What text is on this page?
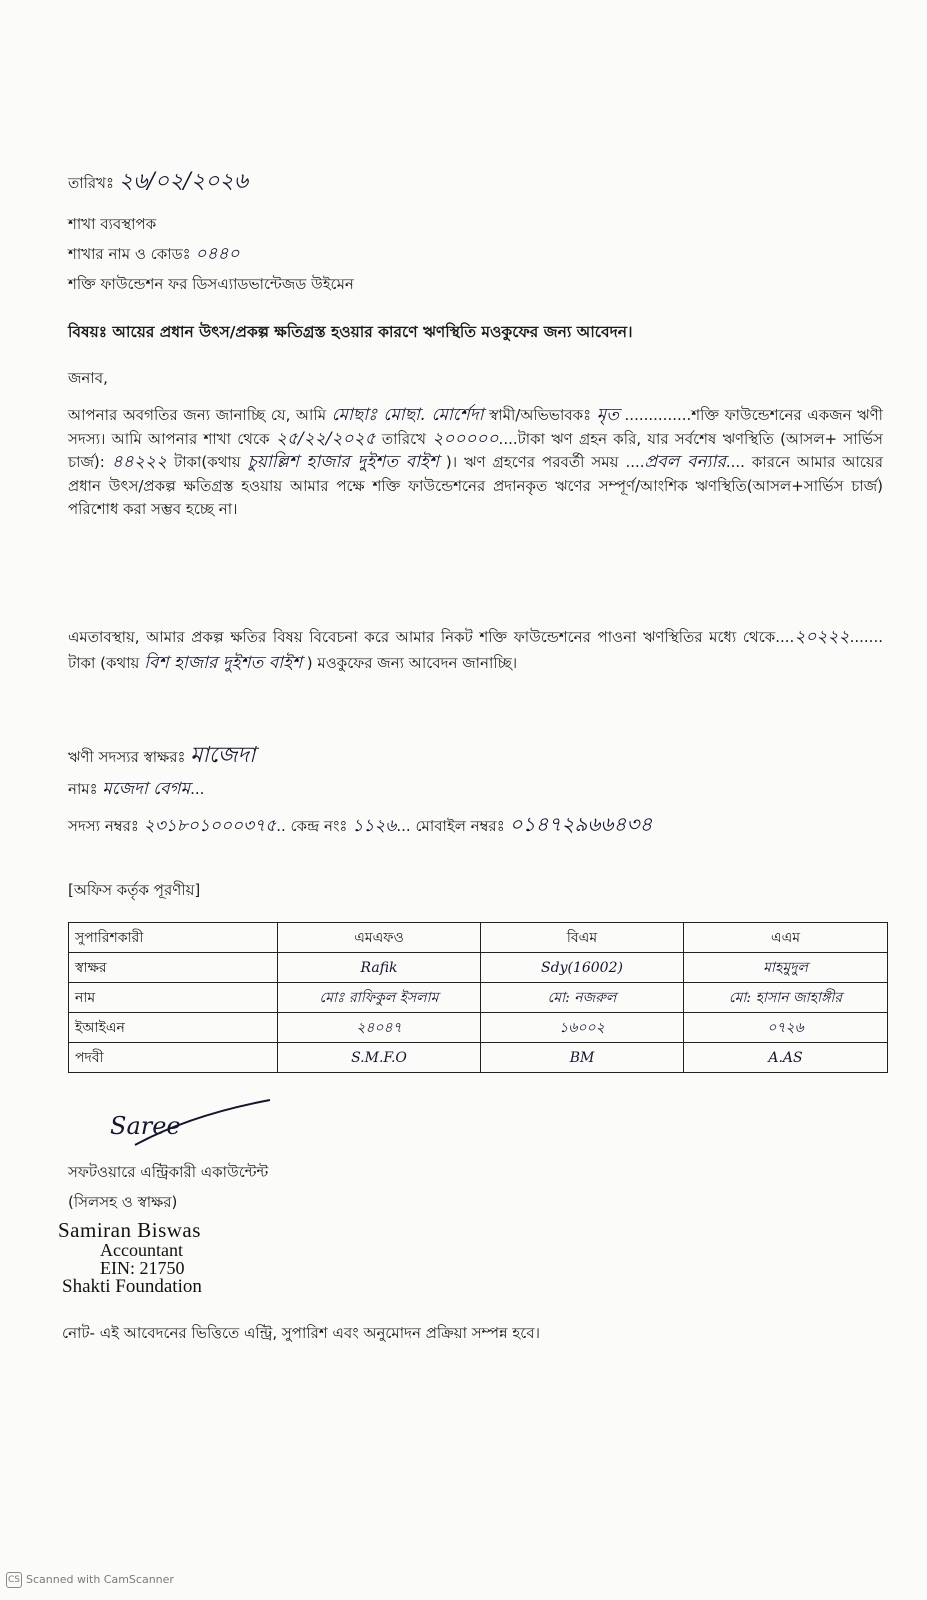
তারিখঃ ২৬/০২/২০২৬
শাখা ব্যবস্থাপক
শাখার নাম ও কোডঃ ০৪৪০
শক্তি ফাউন্ডেশন ফর ডিসএ্যাডভান্টেজড উইমেন
বিষয়ঃ আয়ের প্রধান উৎস/প্রকল্প ক্ষতিগ্রস্ত হওয়ার কারণে ঋণস্থিতি মওকুফের জন্য আবেদন।
জনাব,
আপনার অবগতির জন্য জানাচ্ছি যে, আমি মোছাঃ মোছা. মোর্শেদা স্বামী/অভিভাবকঃ মৃত ..............শক্তি ফাউন্ডেশনের একজন ঋণী সদস্য। আমি আপনার শাখা থেকে ২৫/২২/২০২৫ তারিখে ২০০০০০....টাকা ঋণ গ্রহন করি, যার সর্বশেষ ঋণস্থিতি (আসল+ সার্ভিস চার্জ): ৪৪২২২ টাকা(কথায় চুয়াল্লিশ হাজার দুইশত বাইশ )। ঋণ গ্রহণের পরবর্তী সময় ....প্রবল বন্যার.... কারনে আমার আয়ের প্রধান উৎস/প্রকল্প ক্ষতিগ্রস্ত হওয়ায় আমার পক্ষে শক্তি ফাউন্ডেশনের প্রদানকৃত ঋণের সম্পূর্ণ/আংশিক ঋণস্থিতি(আসল+সার্ভিস চার্জ) পরিশোধ করা সম্ভব হচ্ছে না।
এমতাবস্থায়, আমার প্রকল্প ক্ষতির বিষয় বিবেচনা করে আমার নিকট শক্তি ফাউন্ডেশনের পাওনা ঋণস্থিতির মধ্যে থেকে....২০২২২....... টাকা (কথায় বিশ হাজার দুইশত বাইশ ) মওকুফের জন্য আবেদন জানাচ্ছি।
ঋণী সদস্যর স্বাক্ষরঃ মাজেদা
নামঃ মজেদা বেগম...
সদস্য নম্বরঃ ২৩১৮০১০০০৩৭৫.. কেন্দ্র নংঃ ১১২৬... মোবাইল নম্বরঃ ০১৪৭২৯৬৬৪৩৪
[অফিস কর্তৃক পূরণীয়]
সুপারিশকারী	এমএফও	বিএম	এএম
স্বাক্ষর	Rafik	Sdy(16002)	মাহমুদুল
নাম	মোঃ রাফিকুল ইসলাম	মো: নজরুল	মো: হাসান জাহাঙ্গীর
ইআইএন	২৪০৪৭	১৬০০২	০৭২৬
পদবী	S.M.F.O	BM	A.AS
Saree
সফটওয়ারে এন্ট্রিকারী একাউন্টেন্ট
(সিলসহ ও স্বাক্ষর)
Samiran Biswas
Accountant
EIN: 21750
Shakti Foundation
নোট- এই আবেদনের ভিত্তিতে এন্ট্রি, সুপারিশ এবং অনুমোদন প্রক্রিয়া সম্পন্ন হবে।
CS Scanned with CamScanner
